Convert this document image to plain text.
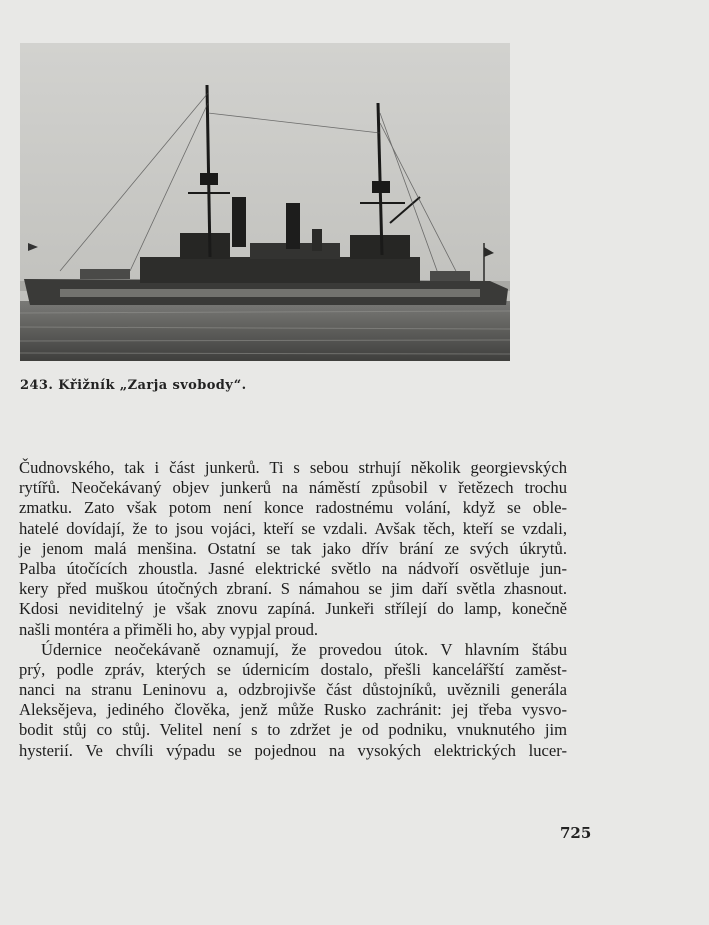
243. Křižník „Zarja svobody“.
Čudnovského, tak i část junkerů. Ti s sebou strhují několik georgievských
rytířů. Neočekávaný objev junkerů na náměstí způsobil v řetězech trochu
zmatku. Zato však potom není konce radostnému volání, když se oble-
hatelé dovídají, že to jsou vojáci, kteří se vzdali. Avšak těch, kteří se vzdali,
je jenom malá menšina. Ostatní se tak jako dřív brání ze svých úkrytů.
Palba útočících zhoustla. Jasné elektrické světlo na nádvoří osvětluje jun-
kery před muškou útočných zbraní. S námahou se jim daří světla zhasnout.
Kdosi neviditelný je však znovu zapíná. Junkeři střílejí do lamp, konečně
našli montéra a přiměli ho, aby vypjal proud.
Údernice neočekávaně oznamují, že provedou útok. V hlavním štábu
prý, podle zpráv, kterých se údernicím dostalo, přešli kancelářští zaměst-
nanci na stranu Leninovu a, odzbrojivše část důstojníků, uvěznili generála
Aleksějeva, jediného člověka, jenž může Rusko zachránit: jej třeba vysvo-
bodit stůj co stůj. Velitel není s to zdržet je od podniku, vnuknutého jim
hysterií. Ve chvíli výpadu se pojednou na vysokých elektrických lucer-
725
